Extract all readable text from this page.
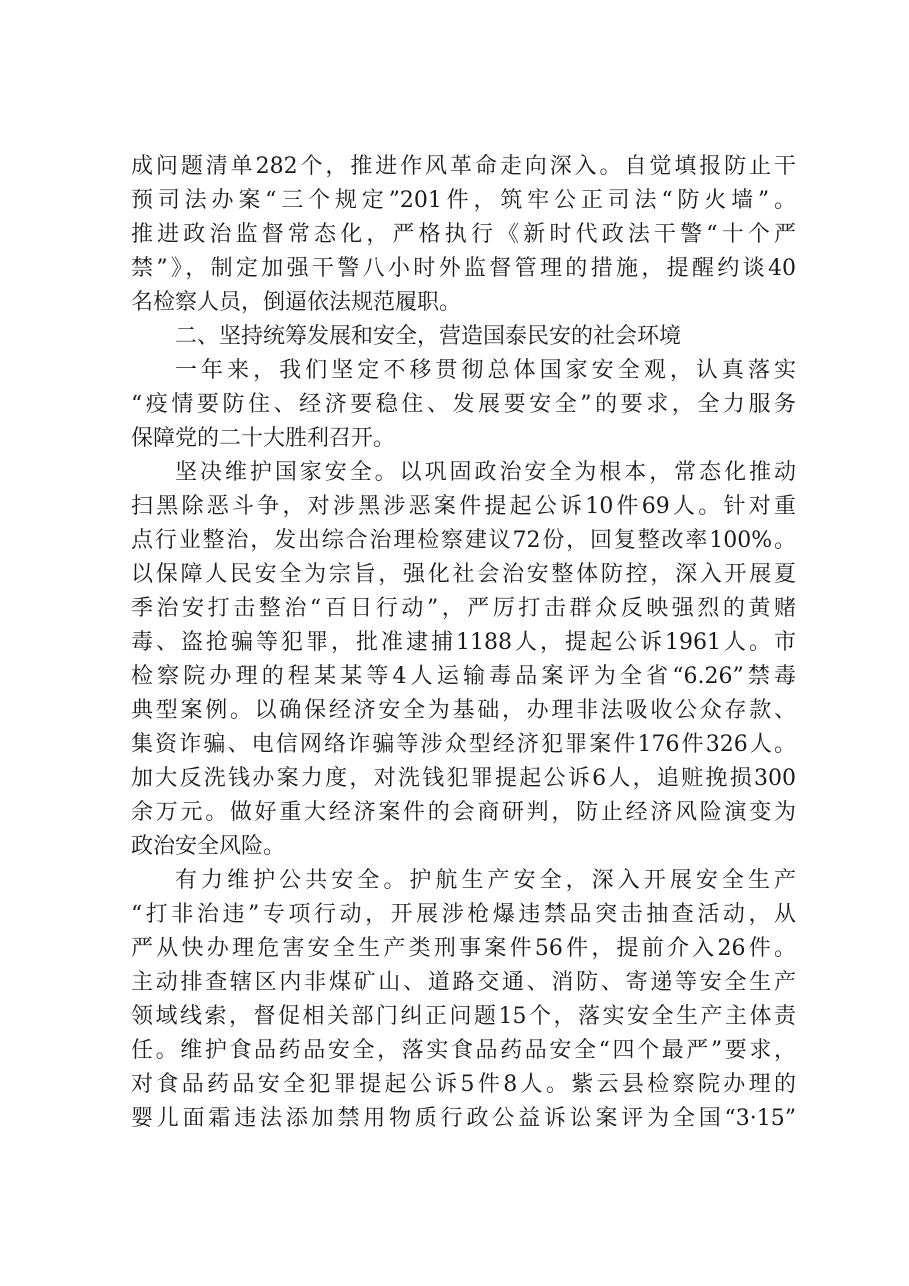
成问题清单282个，推进作风革命走向深入。自觉填报防止干
预司法办案“三个规定”201件，筑牢公正司法“防火墙”。
推进政治监督常态化，严格执行《新时代政法干警“十个严
禁”》，制定加强干警八小时外监督管理的措施，提醒约谈40
名检察人员，倒逼依法规范履职。
二、坚持统筹发展和安全，营造国泰民安的社会环境
一年来，我们坚定不移贯彻总体国家安全观，认真落实
“疫情要防住、经济要稳住、发展要安全”的要求，全力服务
保障党的二十大胜利召开。
坚决维护国家安全。以巩固政治安全为根本，常态化推动
扫黑除恶斗争，对涉黑涉恶案件提起公诉10件69人。针对重
点行业整治，发出综合治理检察建议72份，回复整改率100%。
以保障人民安全为宗旨，强化社会治安整体防控，深入开展夏
季治安打击整治“百日行动”，严厉打击群众反映强烈的黄赌
毒、盗抢骗等犯罪，批准逮捕1188人，提起公诉1961人。市
检察院办理的程某某等4人运输毒品案评为全省“6.26”禁毒
典型案例。以确保经济安全为基础，办理非法吸收公众存款、
集资诈骗、电信网络诈骗等涉众型经济犯罪案件176件326人。
加大反洗钱办案力度，对洗钱犯罪提起公诉6人，追赃挽损300
余万元。做好重大经济案件的会商研判，防止经济风险演变为
政治安全风险。
有力维护公共安全。护航生产安全，深入开展安全生产
“打非治违”专项行动，开展涉枪爆违禁品突击抽查活动，从
严从快办理危害安全生产类刑事案件56件，提前介入26件。
主动排查辖区内非煤矿山、道路交通、消防、寄递等安全生产
领域线索，督促相关部门纠正问题15个，落实安全生产主体责
任。维护食品药品安全，落实食品药品安全“四个最严”要求，
对食品药品安全犯罪提起公诉5件8人。紫云县检察院办理的
婴儿面霜违法添加禁用物质行政公益诉讼案评为全国“3·15”
